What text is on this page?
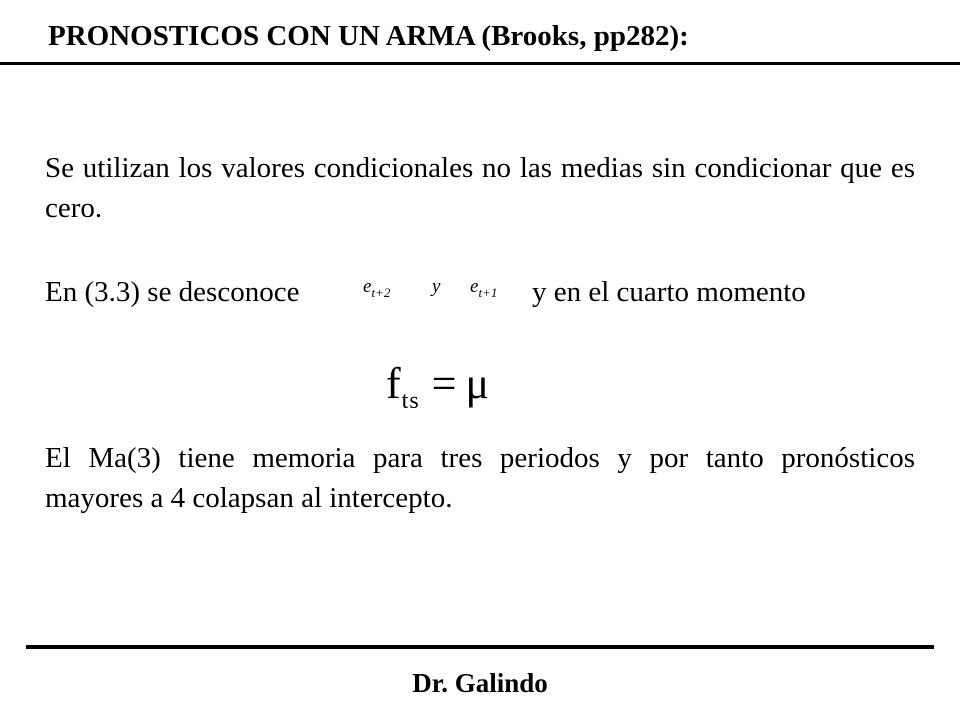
PRONOSTICOS CON UN ARMA (Brooks, pp282):
Se utilizan los valores condicionales no las medias sin condicionar que es cero.
En (3.3) se desconoce	$e_{t+2}$ y $e_{t+1}$ y en el cuarto momento
$f_{ts} = \mu$
El Ma(3) tiene memoria para tres periodos y por tanto pronósticos mayores a 4 colapsan al intercepto.
Dr. Galindo
